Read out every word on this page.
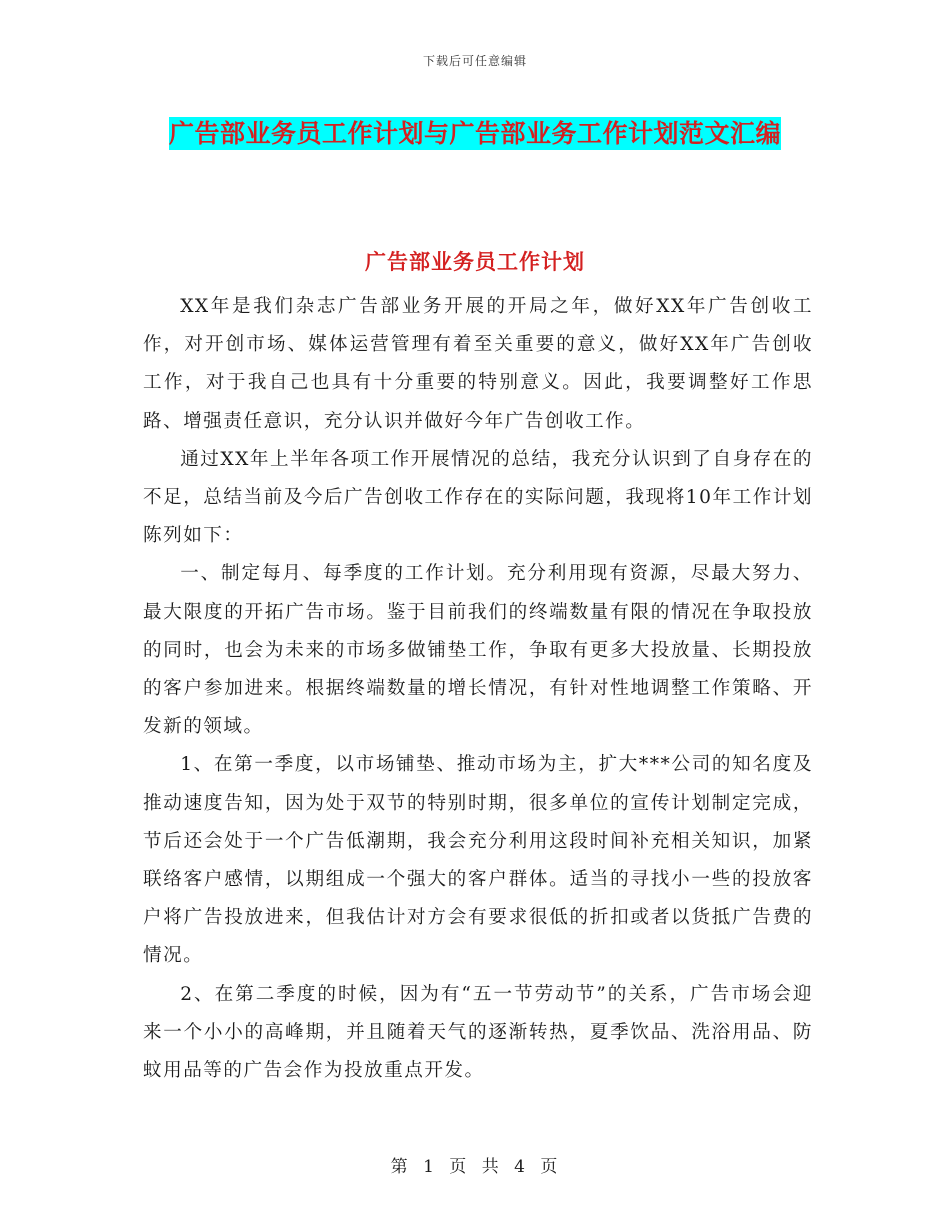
下载后可任意编辑
广告部业务员工作计划与广告部业务工作计划范文汇编
广告部业务员工作计划

XX年是我们杂志广告部业务开展的开局之年，做好XX年广告创收工作，对开创市场、媒体运营管理有着至关重要的意义，做好XX年广告创收工作，对于我自己也具有十分重要的特别意义。因此，我要调整好工作思路、增强责任意识，充分认识并做好今年广告创收工作。

通过XX年上半年各项工作开展情况的总结，我充分认识到了自身存在的不足，总结当前及今后广告创收工作存在的实际问题，我现将10年工作计划陈列如下：

一、制定每月、每季度的工作计划。充分利用现有资源，尽最大努力、最大限度的开拓广告市场。鉴于目前我们的终端数量有限的情况在争取投放的同时，也会为未来的市场多做铺垫工作，争取有更多大投放量、长期投放的客户参加进来。根据终端数量的增长情况，有针对性地调整工作策略、开发新的领域。

1、在第一季度，以市场铺垫、推动市场为主，扩大***公司的知名度及推动速度告知，因为处于双节的特别时期，很多单位的宣传计划制定完成，节后还会处于一个广告低潮期，我会充分利用这段时间补充相关知识，加紧联络客户感情，以期组成一个强大的客户群体。适当的寻找小一些的投放客户将广告投放进来，但我估计对方会有要求很低的折扣或者以货抵广告费的情况。

2、在第二季度的时候，因为有“五一节劳动节”的关系，广告市场会迎来一个小小的高峰期，并且随着天气的逐渐转热，夏季饮品、洗浴用品、防蚊用品等的广告会作为投放重点开发。

第 1 页 共 4 页
